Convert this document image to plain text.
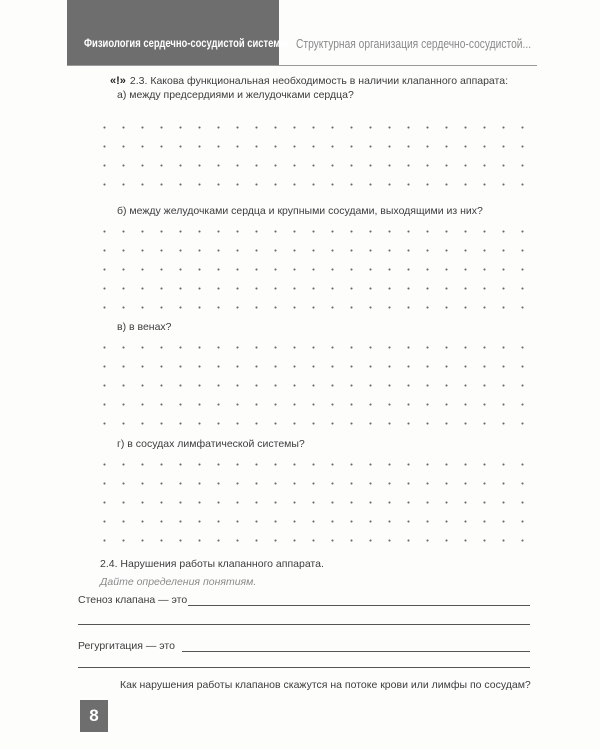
Физиология сердечно-сосудистой системы Структурная организация сердечно-сосудистой...
«!» 2.3. Какова функциональная необходимость в наличии клапанного аппарата:
а) между предсердиями и желудочками сердца?
б) между желудочками сердца и крупными сосудами, выходящими из них?
в) в венах?
г) в сосудах лимфатической системы?
2.4. Нарушения работы клапанного аппарата.
Дайте определения понятиям.
Стеноз клапана — это
Регургитация — это
Как нарушения работы клапанов скажутся на потоке крови или лимфы по сосудам?
8
